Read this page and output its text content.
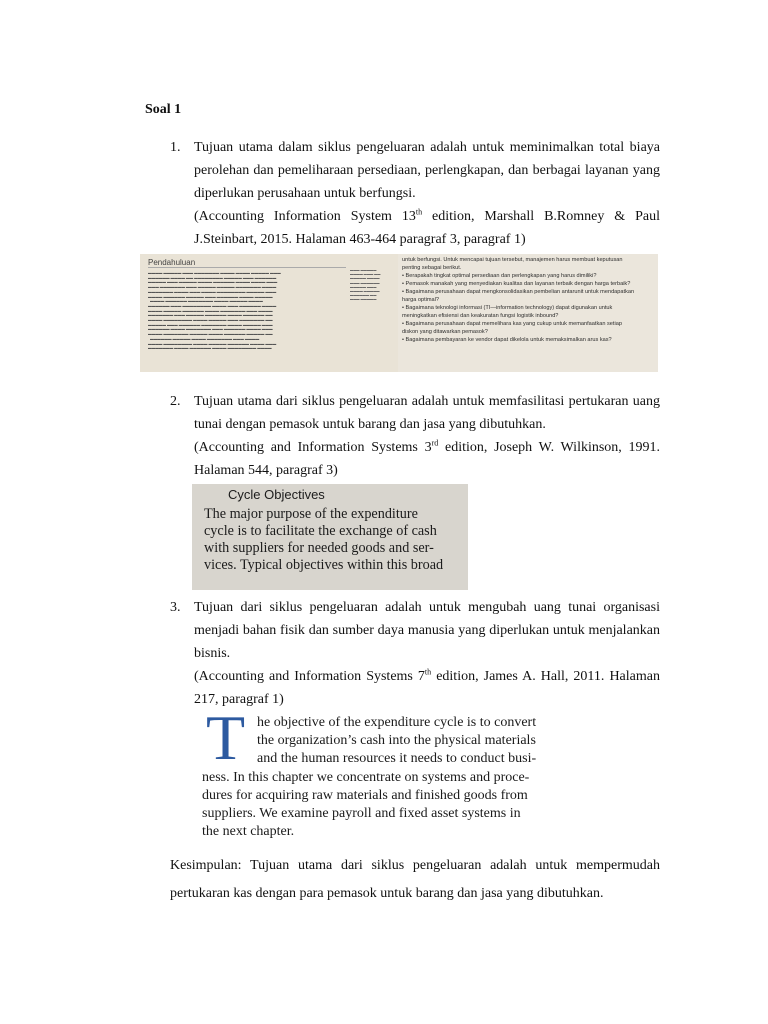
Soal 1
1. Tujuan utama dalam siklus pengeluaran adalah untuk meminimalkan total biaya perolehan dan pemeliharaan persediaan, perlengkapan, dan berbagai layanan yang diperlukan perusahaan untuk berfungsi.

(Accounting Information System 13th edition, Marshall B.Romney & Paul J.Steinbart, 2015. Halaman 463-464 paragraf 3, paragraf 1)

Pendahuluan
▬▬▬▬ ▬▬▬▬▬ ▬▬▬ ▬▬▬▬▬▬▬ ▬▬▬▬ ▬▬▬▬ ▬▬▬▬▬ ▬▬▬
▬▬▬▬▬▬ ▬▬▬▬ ▬▬ ▬▬▬▬▬▬▬▬ ▬▬▬▬▬ ▬▬▬ ▬▬▬▬▬▬
▬▬▬▬▬ ▬▬▬ ▬▬▬▬▬ ▬▬▬▬ ▬▬▬▬▬▬ ▬▬▬▬ ▬▬▬▬ ▬▬▬
▬▬▬ ▬▬▬▬▬▬▬ ▬▬▬ ▬▬▬▬▬ ▬▬▬▬▬ ▬▬▬▬▬▬▬ ▬▬▬▬
▬▬▬▬▬▬▬ ▬▬▬▬ ▬▬▬ ▬▬▬▬ ▬▬▬▬▬▬▬▬ ▬▬▬▬▬ ▬▬▬
▬▬▬▬ ▬▬▬▬▬▬ ▬▬▬▬▬ ▬▬▬ ▬▬▬▬▬▬ ▬▬▬▬ ▬▬▬▬▬
▬▬▬▬ ▬▬▬▬▬▬ ▬▬▬▬▬▬▬ ▬▬▬▬ ▬▬▬▬▬ ▬▬▬▬
▬▬▬▬▬▬ ▬▬▬ ▬▬▬▬▬▬▬▬ ▬▬▬▬ ▬▬▬ ▬▬▬▬▬▬ ▬▬▬▬
▬▬▬▬ ▬▬▬▬▬ ▬▬▬▬▬▬ ▬▬▬▬ ▬▬▬▬▬▬▬ ▬▬▬ ▬▬▬▬
▬▬▬▬▬▬▬ ▬▬▬ ▬▬▬▬▬ ▬▬▬▬▬▬ ▬▬▬▬ ▬▬▬▬▬▬ ▬▬
▬▬▬▬ ▬▬▬▬▬▬▬▬ ▬▬▬▬ ▬▬▬▬▬ ▬▬▬ ▬▬▬▬▬▬▬ ▬▬
▬▬▬▬▬ ▬▬▬ ▬▬▬▬▬▬ ▬▬▬▬▬▬▬ ▬▬▬▬ ▬▬▬▬▬ ▬▬▬
▬▬▬▬▬▬ ▬▬▬▬ ▬▬▬▬▬▬▬ ▬▬▬ ▬▬▬▬▬▬ ▬▬▬▬ ▬▬▬
▬▬▬▬ ▬▬▬▬▬▬▬ ▬▬▬▬▬ ▬▬▬▬ ▬▬▬▬▬▬ ▬▬▬▬▬ ▬▬
▬▬▬▬▬▬ ▬▬▬▬▬ ▬▬▬▬ ▬▬▬▬▬▬▬ ▬▬▬ ▬▬▬▬
▬▬▬▬ ▬▬▬▬▬▬▬▬ ▬▬▬▬ ▬▬▬▬▬ ▬▬▬▬▬▬ ▬▬▬▬ ▬▬▬
▬▬▬▬▬▬▬ ▬▬▬▬ ▬▬▬▬▬▬ ▬▬▬▬ ▬▬▬▬▬▬▬▬ ▬▬▬▬
▬▬▬ ▬▬▬▬▬
▬▬▬▬ ▬▬▬ ▬▬
▬▬▬▬▬ ▬▬▬▬
▬▬▬ ▬▬▬▬▬▬
▬▬▬▬▬ ▬▬▬
▬▬▬▬ ▬▬▬▬▬
▬▬▬▬▬▬ ▬▬
▬▬▬ ▬▬▬▬▬
untuk berfungsi. Untuk mencapai tujuan tersebut, manajemen harus membuat keputusan
penting sebagai berikut.
• Berapakah tingkat optimal persediaan dan perlengkapan yang harus dimiliki?
• Pemasok manakah yang menyediakan kualitas dan layanan terbaik dengan harga terbaik?
• Bagaimana perusahaan dapat mengkonsolidasikan pembelian antarunit untuk mendapatkan
harga optimal?
• Bagaimana teknologi informasi (TI—information technology) dapat digunakan untuk
meningkatkan efisiensi dan keakuratan fungsi logistik inbound?
• Bagaimana perusahaan dapat memelihara kas yang cukup untuk memanfaatkan setiap
diskon yang ditawarkan pemasok?
• Bagaimana pembayaran ke vendor dapat dikelola untuk memaksimalkan arus kas?
2. Tujuan utama dari siklus pengeluaran adalah untuk memfasilitasi pertukaran uang tunai dengan pemasok untuk barang dan jasa yang dibutuhkan.

(Accounting and Information Systems 3rd edition, Joseph W. Wilkinson, 1991. Halaman 544, paragraf 3)

Cycle Objectives
The major purpose of the expenditure
cycle is to facilitate the exchange of cash
with suppliers for needed goods and ser-
vices. Typical objectives within this broad
3. Tujuan dari siklus pengeluaran adalah untuk mengubah uang tunai organisasi menjadi bahan fisik dan sumber daya manusia yang diperlukan untuk menjalankan bisnis.

(Accounting and Information Systems 7th edition, James A. Hall, 2011. Halaman 217, paragraf 1)

T he objective of the expenditure cycle is to convert
the organization’s cash into the physical materials
and the human resources it needs to conduct busi-
ness. In this chapter we concentrate on systems and proce-
dures for acquiring raw materials and finished goods from
suppliers. We examine payroll and fixed asset systems in
the next chapter.
Kesimpulan: Tujuan utama dari siklus pengeluaran adalah untuk mempermudah pertukaran kas dengan para pemasok untuk barang dan jasa yang dibutuhkan.
